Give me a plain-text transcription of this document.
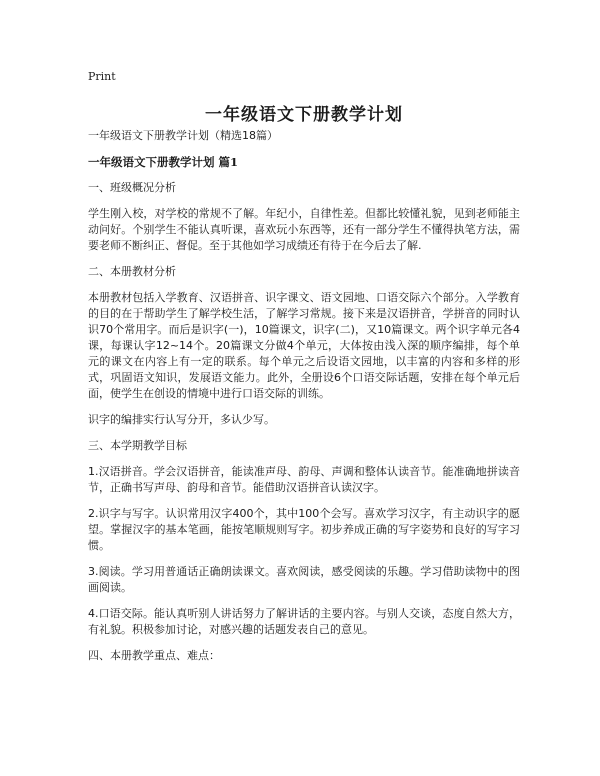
Print
一年级语文下册教学计划

一年级语文下册教学计划（精选18篇）

一年级语文下册教学计划 篇1

一、班级概况分析

学生刚入校，对学校的常规不了解。年纪小，自律性差。但都比较懂礼貌，见到老师能主动问好。个别学生不能认真听课，喜欢玩小东西等，还有一部分学生不懂得执笔方法，需要老师不断纠正、督促。至于其他如学习成绩还有待于在今后去了解.

二、本册教材分析

本册教材包括入学教育、汉语拼音、识字课文、语文园地、口语交际六个部分。入学教育的目的在于帮助学生了解学校生活，了解学习常规。接下来是汉语拼音，学拼音的同时认识70个常用字。而后是识字(一)，10篇课文，识字(二)，又10篇课文。两个识字单元各4课，每课认字12~14个。20篇课文分做4个单元，大体按由浅入深的顺序编排，每个单元的课文在内容上有一定的联系。每个单元之后设语文园地，以丰富的内容和多样的形式，巩固语文知识，发展语文能力。此外，全册设6个口语交际话题，安排在每个单元后面，使学生在创设的情境中进行口语交际的训练。

识字的编排实行认写分开，多认少写。

三、本学期教学目标

1.汉语拼音。学会汉语拼音，能读准声母、韵母、声调和整体认读音节。能准确地拼读音节，正确书写声母、韵母和音节。能借助汉语拼音认读汉字。

2.识字与写字。认识常用汉字400个，其中100个会写。喜欢学习汉字，有主动识字的愿望。掌握汉字的基本笔画，能按笔顺规则写字。初步养成正确的写字姿势和良好的写字习惯。

3.阅读。学习用普通话正确朗读课文。喜欢阅读，感受阅读的乐趣。学习借助读物中的图画阅读。

4.口语交际。能认真听别人讲话努力了解讲话的主要内容。与别人交谈，态度自然大方，有礼貌。积极参加讨论，对感兴趣的话题发表自己的意见。

四、本册教学重点、难点：
